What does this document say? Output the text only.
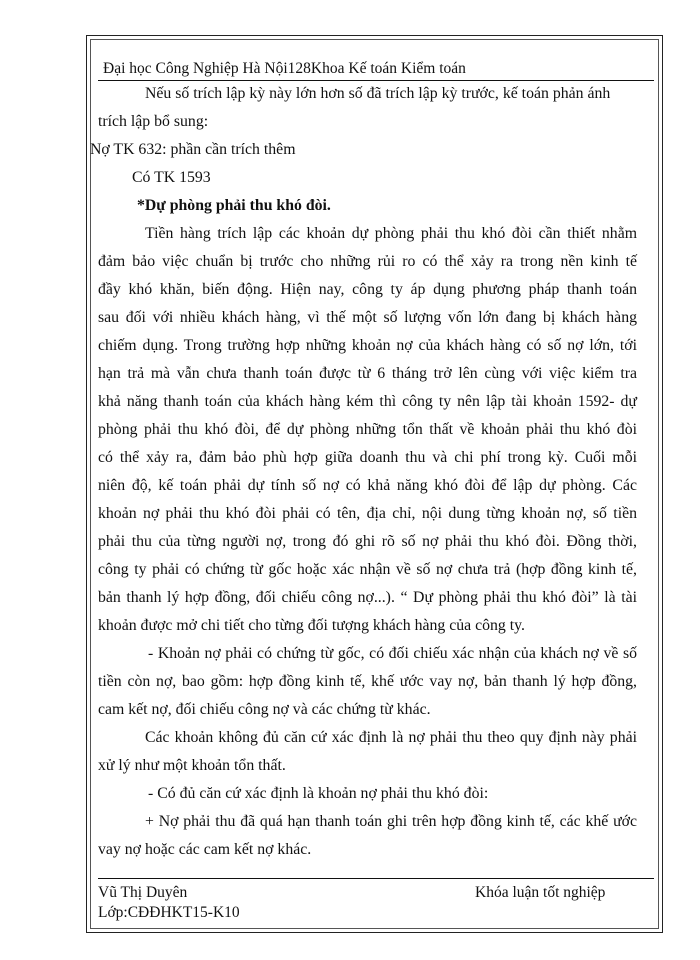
Đại học Công Nghiệp Hà Nội128Khoa Kế toán Kiểm toán
Nếu số trích lập kỳ này lớn hơn số đã trích lập kỳ trước, kế toán phản ánh
trích lập bổ sung:
Nợ TK 632: phần cần trích thêm
Có TK 1593
*Dự phòng phải thu khó đòi.
Tiền hàng trích lập các khoản dự phòng phải thu khó đòi cần thiết nhằm
đảm bảo việc chuẩn bị trước cho những rủi ro có thể xảy ra trong nền kinh tế
đầy khó khăn, biến động. Hiện nay, công ty áp dụng phương pháp thanh toán
sau đối với nhiều khách hàng, vì thế một số lượng vốn lớn đang bị khách hàng
chiếm dụng. Trong trường hợp những khoản nợ của khách hàng có số nợ lớn, tới
hạn trả mà vẫn chưa thanh toán được từ 6 tháng trở lên cùng với việc kiểm tra
khả năng thanh toán của khách hàng kém thì công ty nên lập tài khoản 1592- dự
phòng phải thu khó đòi, để dự phòng những tổn thất về khoản phải thu khó đòi
có thể xảy ra, đảm bảo phù hợp giữa doanh thu và chi phí trong kỳ. Cuối mỗi
niên độ, kế toán phải dự tính số nợ có khả năng khó đòi để lập dự phòng. Các
khoản nợ phải thu khó đòi phải có tên, địa chỉ, nội dung từng khoản nợ, số tiền
phải thu của từng người nợ, trong đó ghi rõ số nợ phải thu khó đòi. Đồng thời,
công ty phải có chứng từ gốc hoặc xác nhận về số nợ chưa trả (hợp đồng kinh tế,
bản thanh lý hợp đồng, đối chiếu công nợ...). “ Dự phòng phải thu khó đòi” là tài
khoản được mở chi tiết cho từng đối tượng khách hàng của công ty.
- Khoản nợ phải có chứng từ gốc, có đối chiếu xác nhận của khách nợ về số
tiền còn nợ, bao gồm: hợp đồng kinh tế, khế ước vay nợ, bản thanh lý hợp đồng,
cam kết nợ, đối chiếu công nợ và các chứng từ khác.
Các khoản không đủ căn cứ xác định là nợ phải thu theo quy định này phải
xử lý như một khoản tổn thất.
- Có đủ căn cứ xác định là khoản nợ phải thu khó đòi:
+ Nợ phải thu đã quá hạn thanh toán ghi trên hợp đồng kinh tế, các khế ước
vay nợ hoặc các cam kết nợ khác.
Vũ Thị Duyên
Lớp:CĐĐHKT15-K10
Khóa luận tốt nghiệp
